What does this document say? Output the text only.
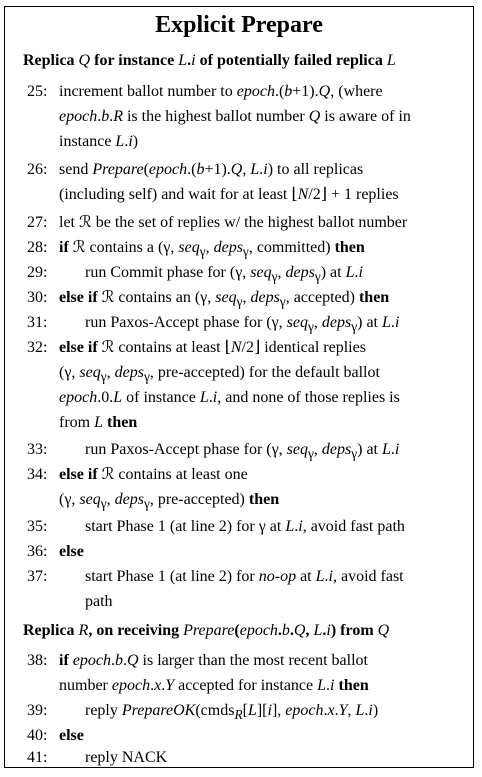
Explicit Prepare
Replica Q for instance L.i of potentially failed replica L
25: increment ballot number to epoch.(b+1).Q, (where
epoch.b.R is the highest ballot number Q is aware of in
instance L.i)
26: send Prepare(epoch.(b+1).Q, L.i) to all replicas
(including self) and wait for at least ⌊N/2⌋ + 1 replies
27: let ℛ be the set of replies w/ the highest ballot number
28: if ℛ contains a (γ, seq$_\gamma$, deps$_\gamma$, committed) then
29:	run Commit phase for (γ, seq$_\gamma$, deps$_\gamma$) at L.i
30: else if ℛ contains an (γ, seq$_\gamma$, deps$_\gamma$, accepted) then
31:	run Paxos-Accept phase for (γ, seq$_\gamma$, deps$_\gamma$) at L.i
32: else if ℛ contains at least ⌊N/2⌋ identical replies
(γ, seq$_\gamma$, deps$_\gamma$, pre-accepted) for the default ballot
epoch.0.L of instance L.i, and none of those replies is
from L then
33:	run Paxos-Accept phase for (γ, seq$_\gamma$, deps$_\gamma$) at L.i
34: else if ℛ contains at least one
(γ, seq$_\gamma$, deps$_\gamma$, pre-accepted) then
35:	start Phase 1 (at line 2) for γ at L.i, avoid fast path
36: else
37:	start Phase 1 (at line 2) for no-op at L.i, avoid fast
path
Replica R, on receiving Prepare(epoch.b.Q, L.i) from Q
38: if epoch.b.Q is larger than the most recent ballot
number epoch.x.Y accepted for instance L.i then
39:	reply PrepareOK(cmds$_R$[L][i], epoch.x.Y, L.i)
40: else
41:	reply NACK
